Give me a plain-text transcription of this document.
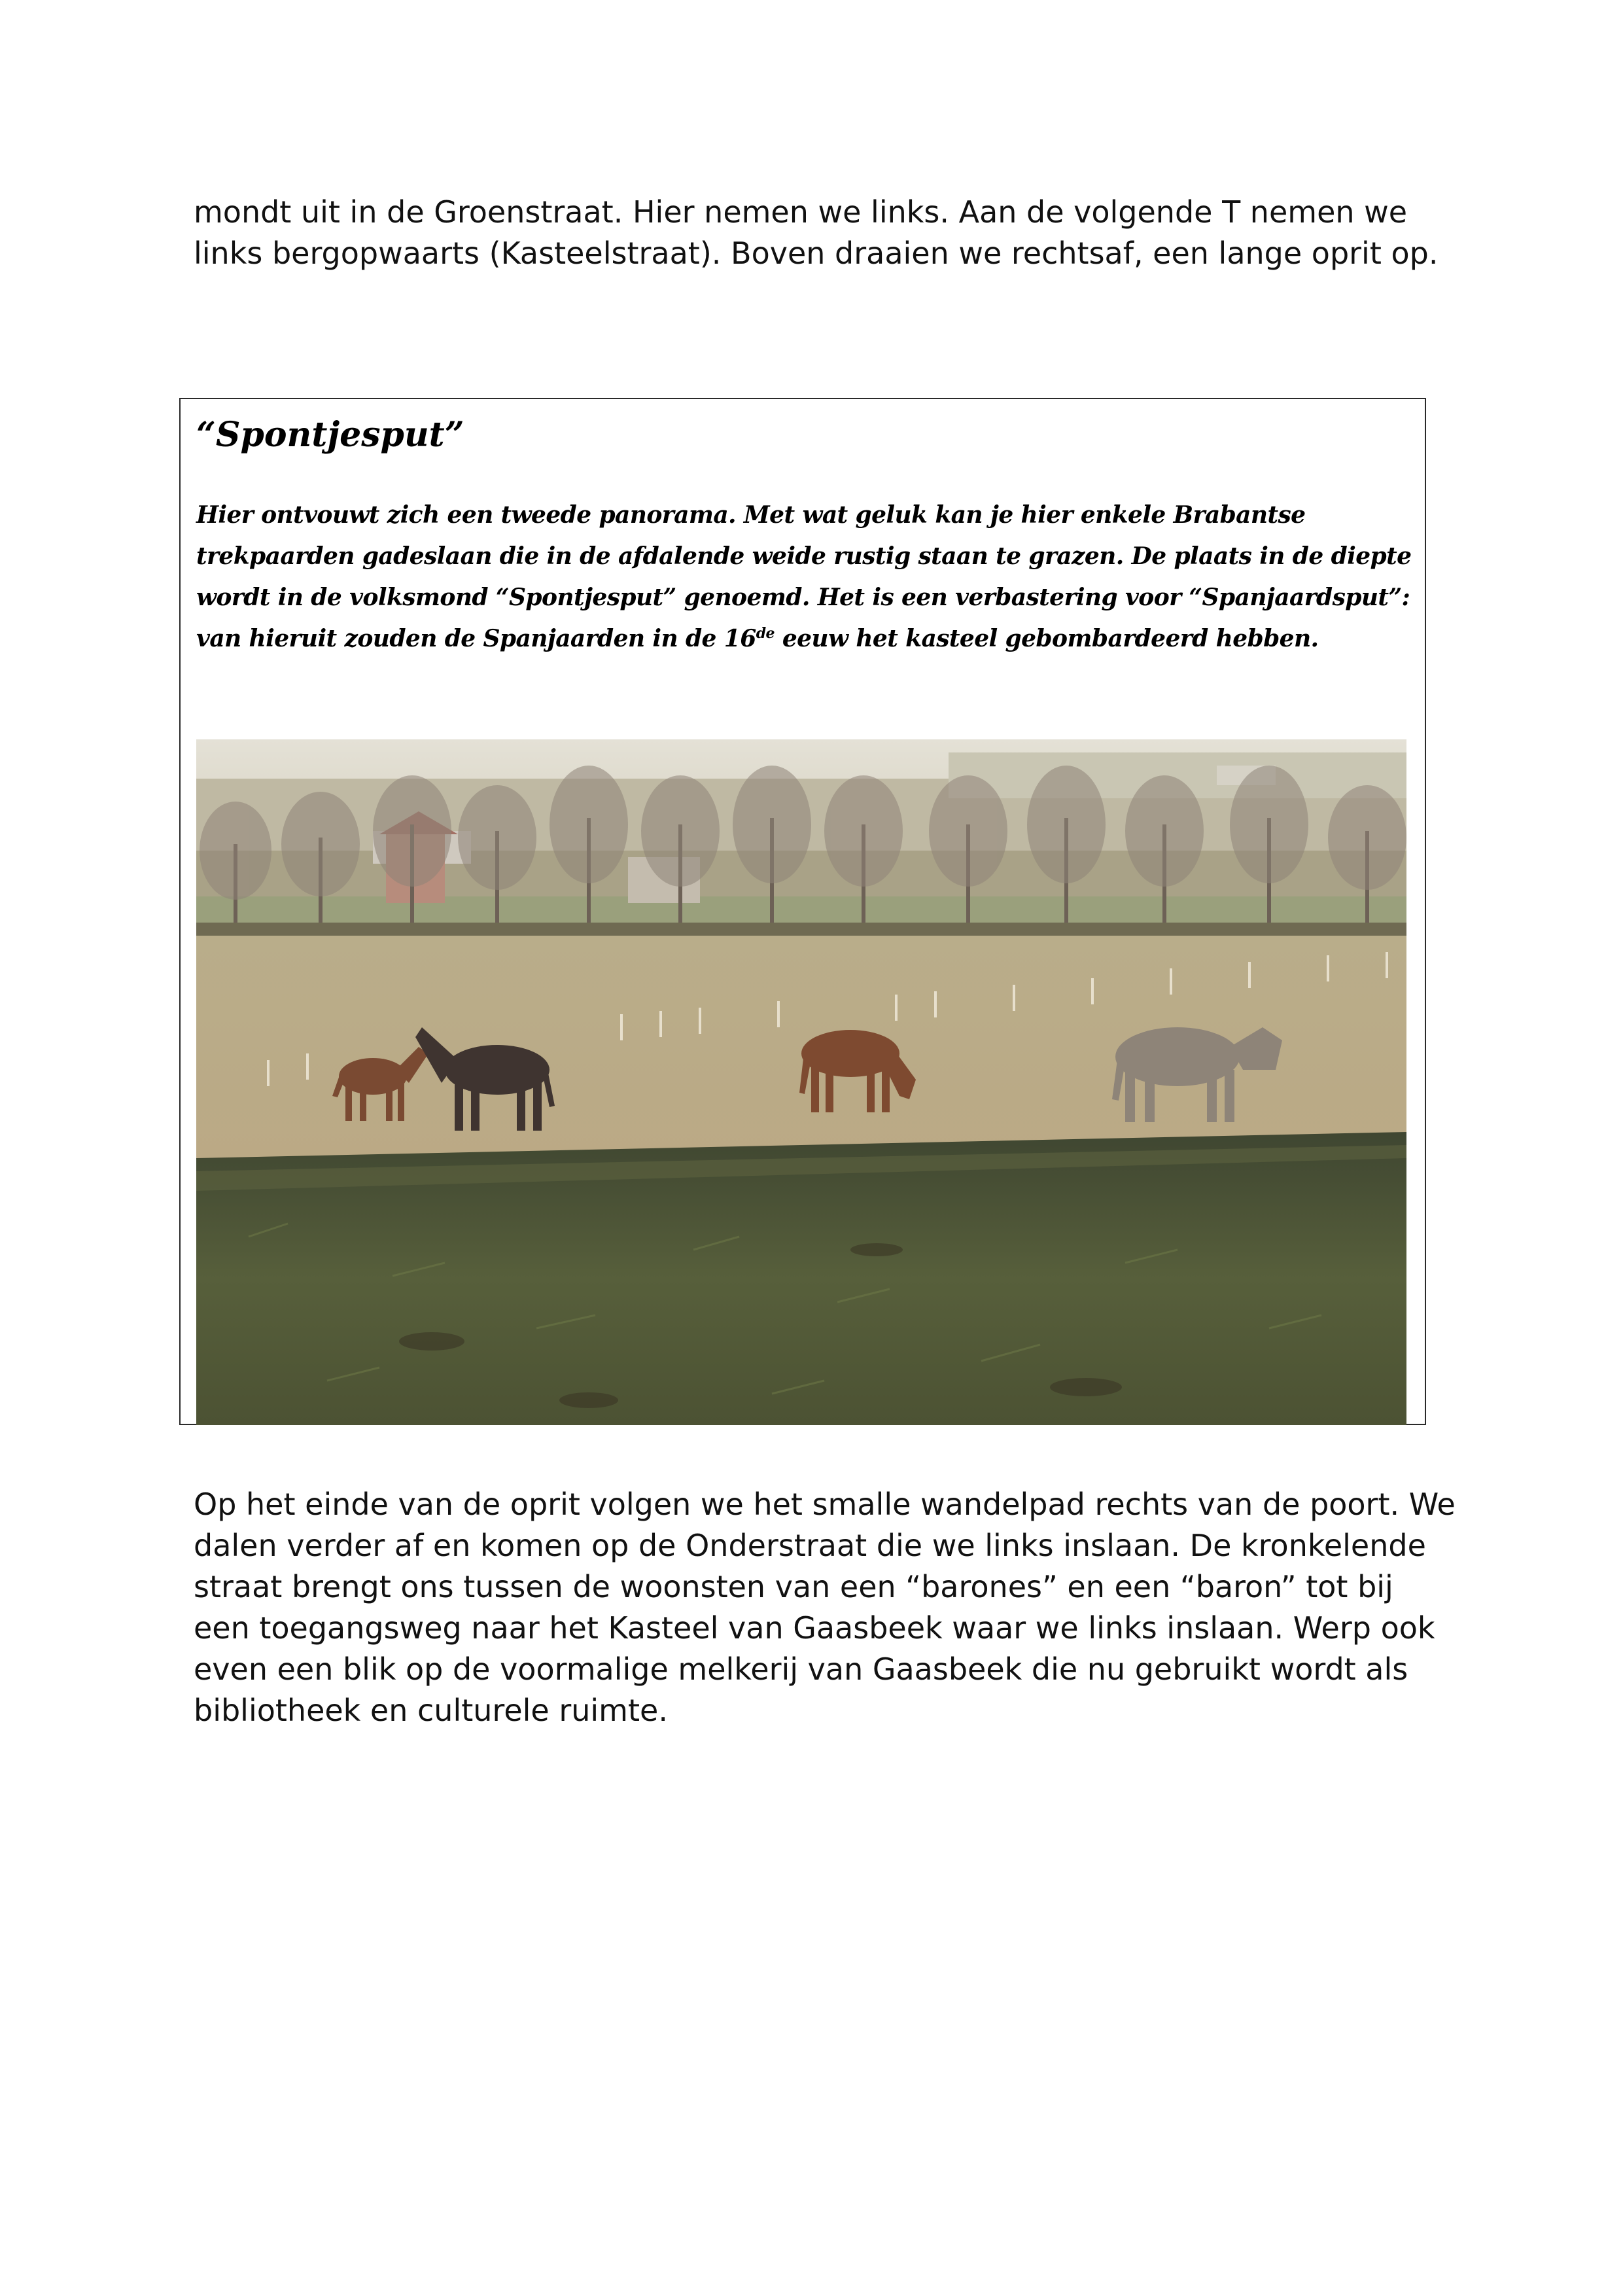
mondt uit in de Groenstraat. Hier nemen we links. Aan de volgende T nemen we links bergopwaarts (Kasteelstraat). Boven draaien we rechtsaf, een lange oprit op.

“Spontjesput”

Hier ontvouwt zich een tweede panorama. Met wat geluk kan je hier enkele Brabantse trekpaarden gadeslaan die in de afdalende weide rustig staan te grazen. De plaats in de diepte wordt in de volksmond “Spontjesput” genoemd. Het is een verbastering voor “Spanjaardsput”: van hieruit zouden de Spanjaarden in de 16de eeuw het kasteel gebombardeerd hebben.

Op het einde van de oprit volgen we het smalle wandelpad rechts van de poort. We dalen verder af en komen op de Onderstraat die we links inslaan. De kronkelende straat brengt ons tussen de woonsten van een “barones” en een “baron” tot bij een toegangsweg naar het Kasteel van Gaasbeek waar we links inslaan. Werp ook even een blik op de voormalige melkerij van Gaasbeek die nu gebruikt wordt als bibliotheek en culturele ruimte.
